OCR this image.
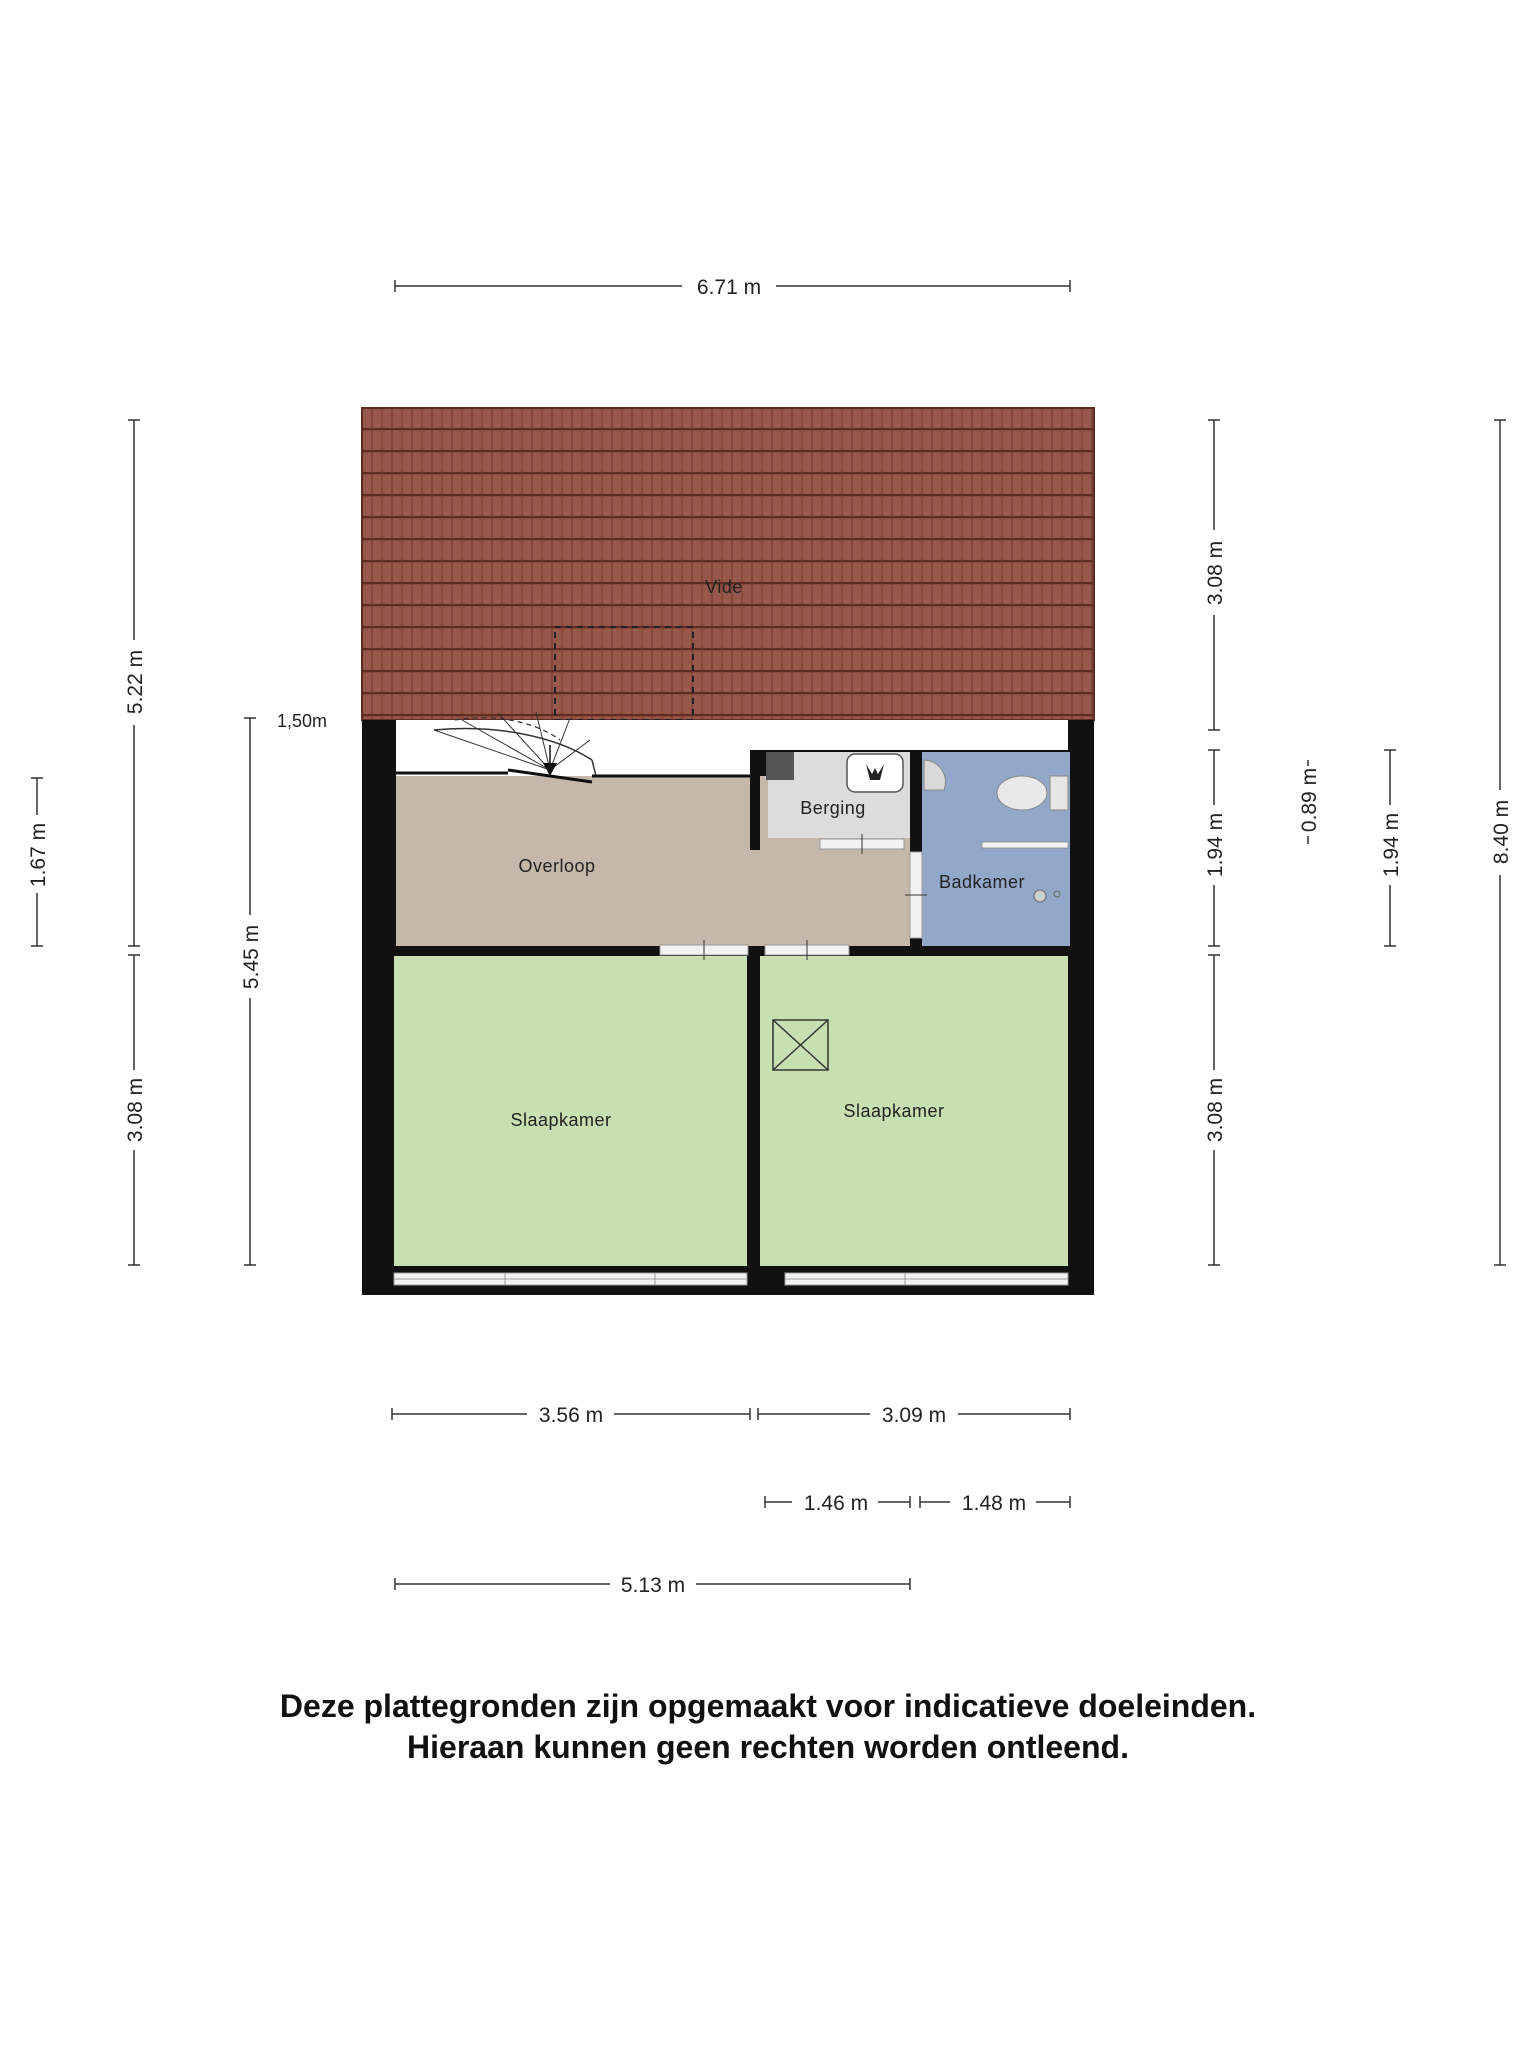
Vide
Overloop
Berging
Badkamer
Slaapkamer	Slaapkamer
6.71 m
5.22 m
3.08 m
1.67 m
5.45 m
1,50m
3.08 m
1.94 m
3.08 m
0.89 m
1.94 m	8.40 m
3.56 m	3.09 m
1.46 m	1.48 m
5.13 m
Deze plattegronden zijn opgemaakt voor indicatieve doeleinden.
Hieraan kunnen geen rechten worden ontleend.
